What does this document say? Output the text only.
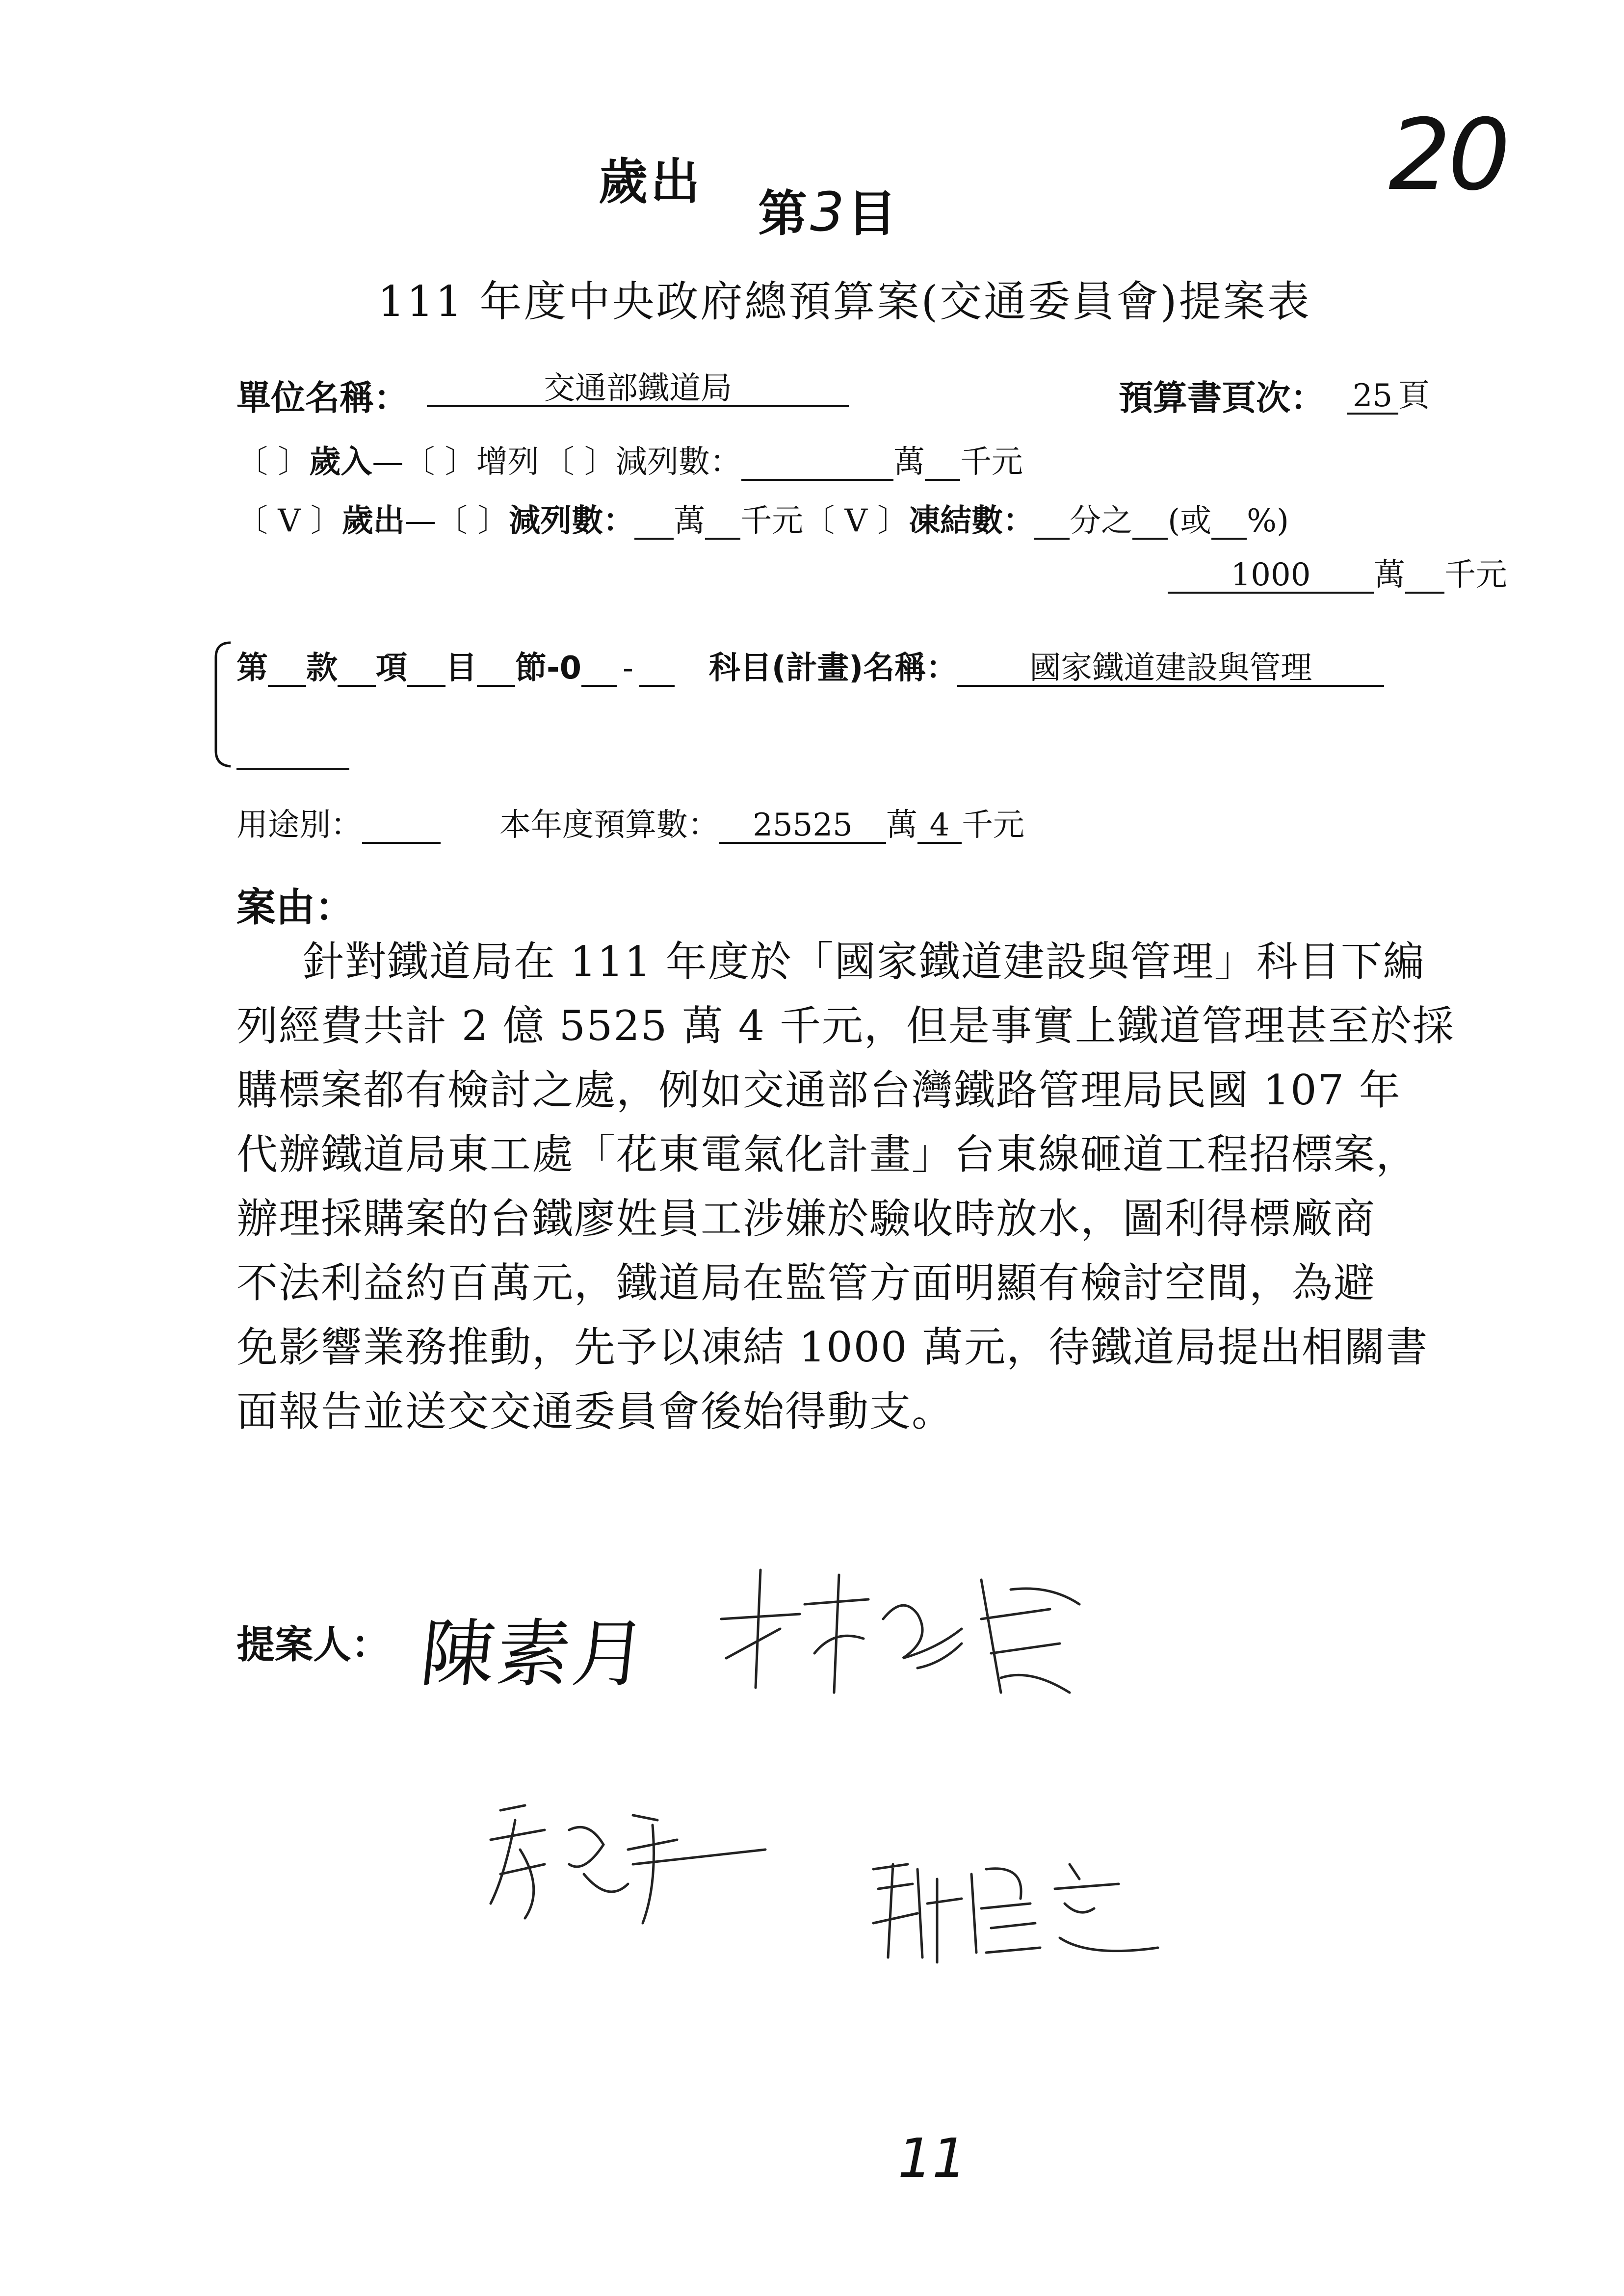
20
歲出
第3目
111 年度中央政府總預算案(交通委員會)提案表
單位名稱：	交通部鐵道局	預算書頁次： 25 頁
〔 〕歲入—〔 〕增列 〔 〕減列數：	萬 千元
〔 V 〕歲出—〔 〕減列數： 萬 千元〔 V 〕凍結數： 分之 (或 %)
1000 萬 千元
第 款 項 目 節-0 - 科目(計畫)名稱： 國家鐵道建設與管理
用途別：	本年度預算數： 25525 萬 4 千元
案由：

針對鐵道局在 111 年度於「國家鐵道建設與管理」科目下編

列經費共計 2 億 5525 萬 4 千元，但是事實上鐵道管理甚至於採

購標案都有檢討之處，例如交通部台灣鐵路管理局民國 107 年

代辦鐵道局東工處「花東電氣化計畫」台東線砸道工程招標案，

辦理採購案的台鐵廖姓員工涉嫌於驗收時放水，圖利得標廠商

不法利益約百萬元，鐵道局在監管方面明顯有檢討空間，為避

免影響業務推動，先予以凍結 1000 萬元，待鐵道局提出相關書

面報告並送交交通委員會後始得動支。

提案人： 陳素月
11
